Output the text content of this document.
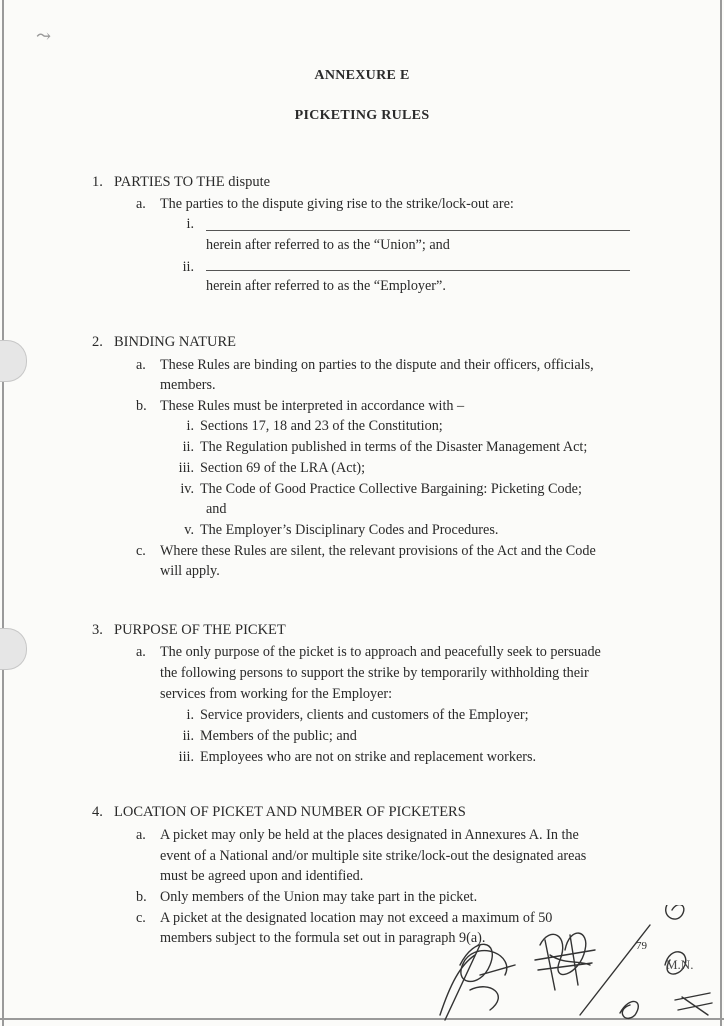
⤳
ANNEXURE E
PICKETING RULES
1. PARTIES TO THE dispute
a. The parties to the dispute giving rise to the strike/lock-out are:
i.
herein after referred to as the “Union”; and
ii.
herein after referred to as the “Employer”.
2. BINDING NATURE
a. These Rules are binding on parties to the dispute and their officers, officials,
members.
b. These Rules must be interpreted in accordance with –
i. Sections 17, 18 and 23 of the Constitution;
ii. The Regulation published in terms of the Disaster Management Act;
iii. Section 69 of the LRA (Act);
iv. The Code of Good Practice Collective Bargaining: Picketing Code;
and
v. The Employer’s Disciplinary Codes and Procedures.
c. Where these Rules are silent, the relevant provisions of the Act and the Code
will apply.
3. PURPOSE OF THE PICKET
a. The only purpose of the picket is to approach and peacefully seek to persuade
the following persons to support the strike by temporarily withholding their
services from working for the Employer:
i. Service providers, clients and customers of the Employer;
ii. Members of the public; and
iii. Employees who are not on strike and replacement workers.
4. LOCATION OF PICKET AND NUMBER OF PICKETERS
a. A picket may only be held at the places designated in Annexures A. In the
event of a National and/or multiple site strike/lock-out the designated areas
must be agreed upon and identified.
b. Only members of the Union may take part in the picket.
c. A picket at the designated location may not exceed a maximum of 50
members subject to the formula set out in paragraph 9(a).	79
M.N.
